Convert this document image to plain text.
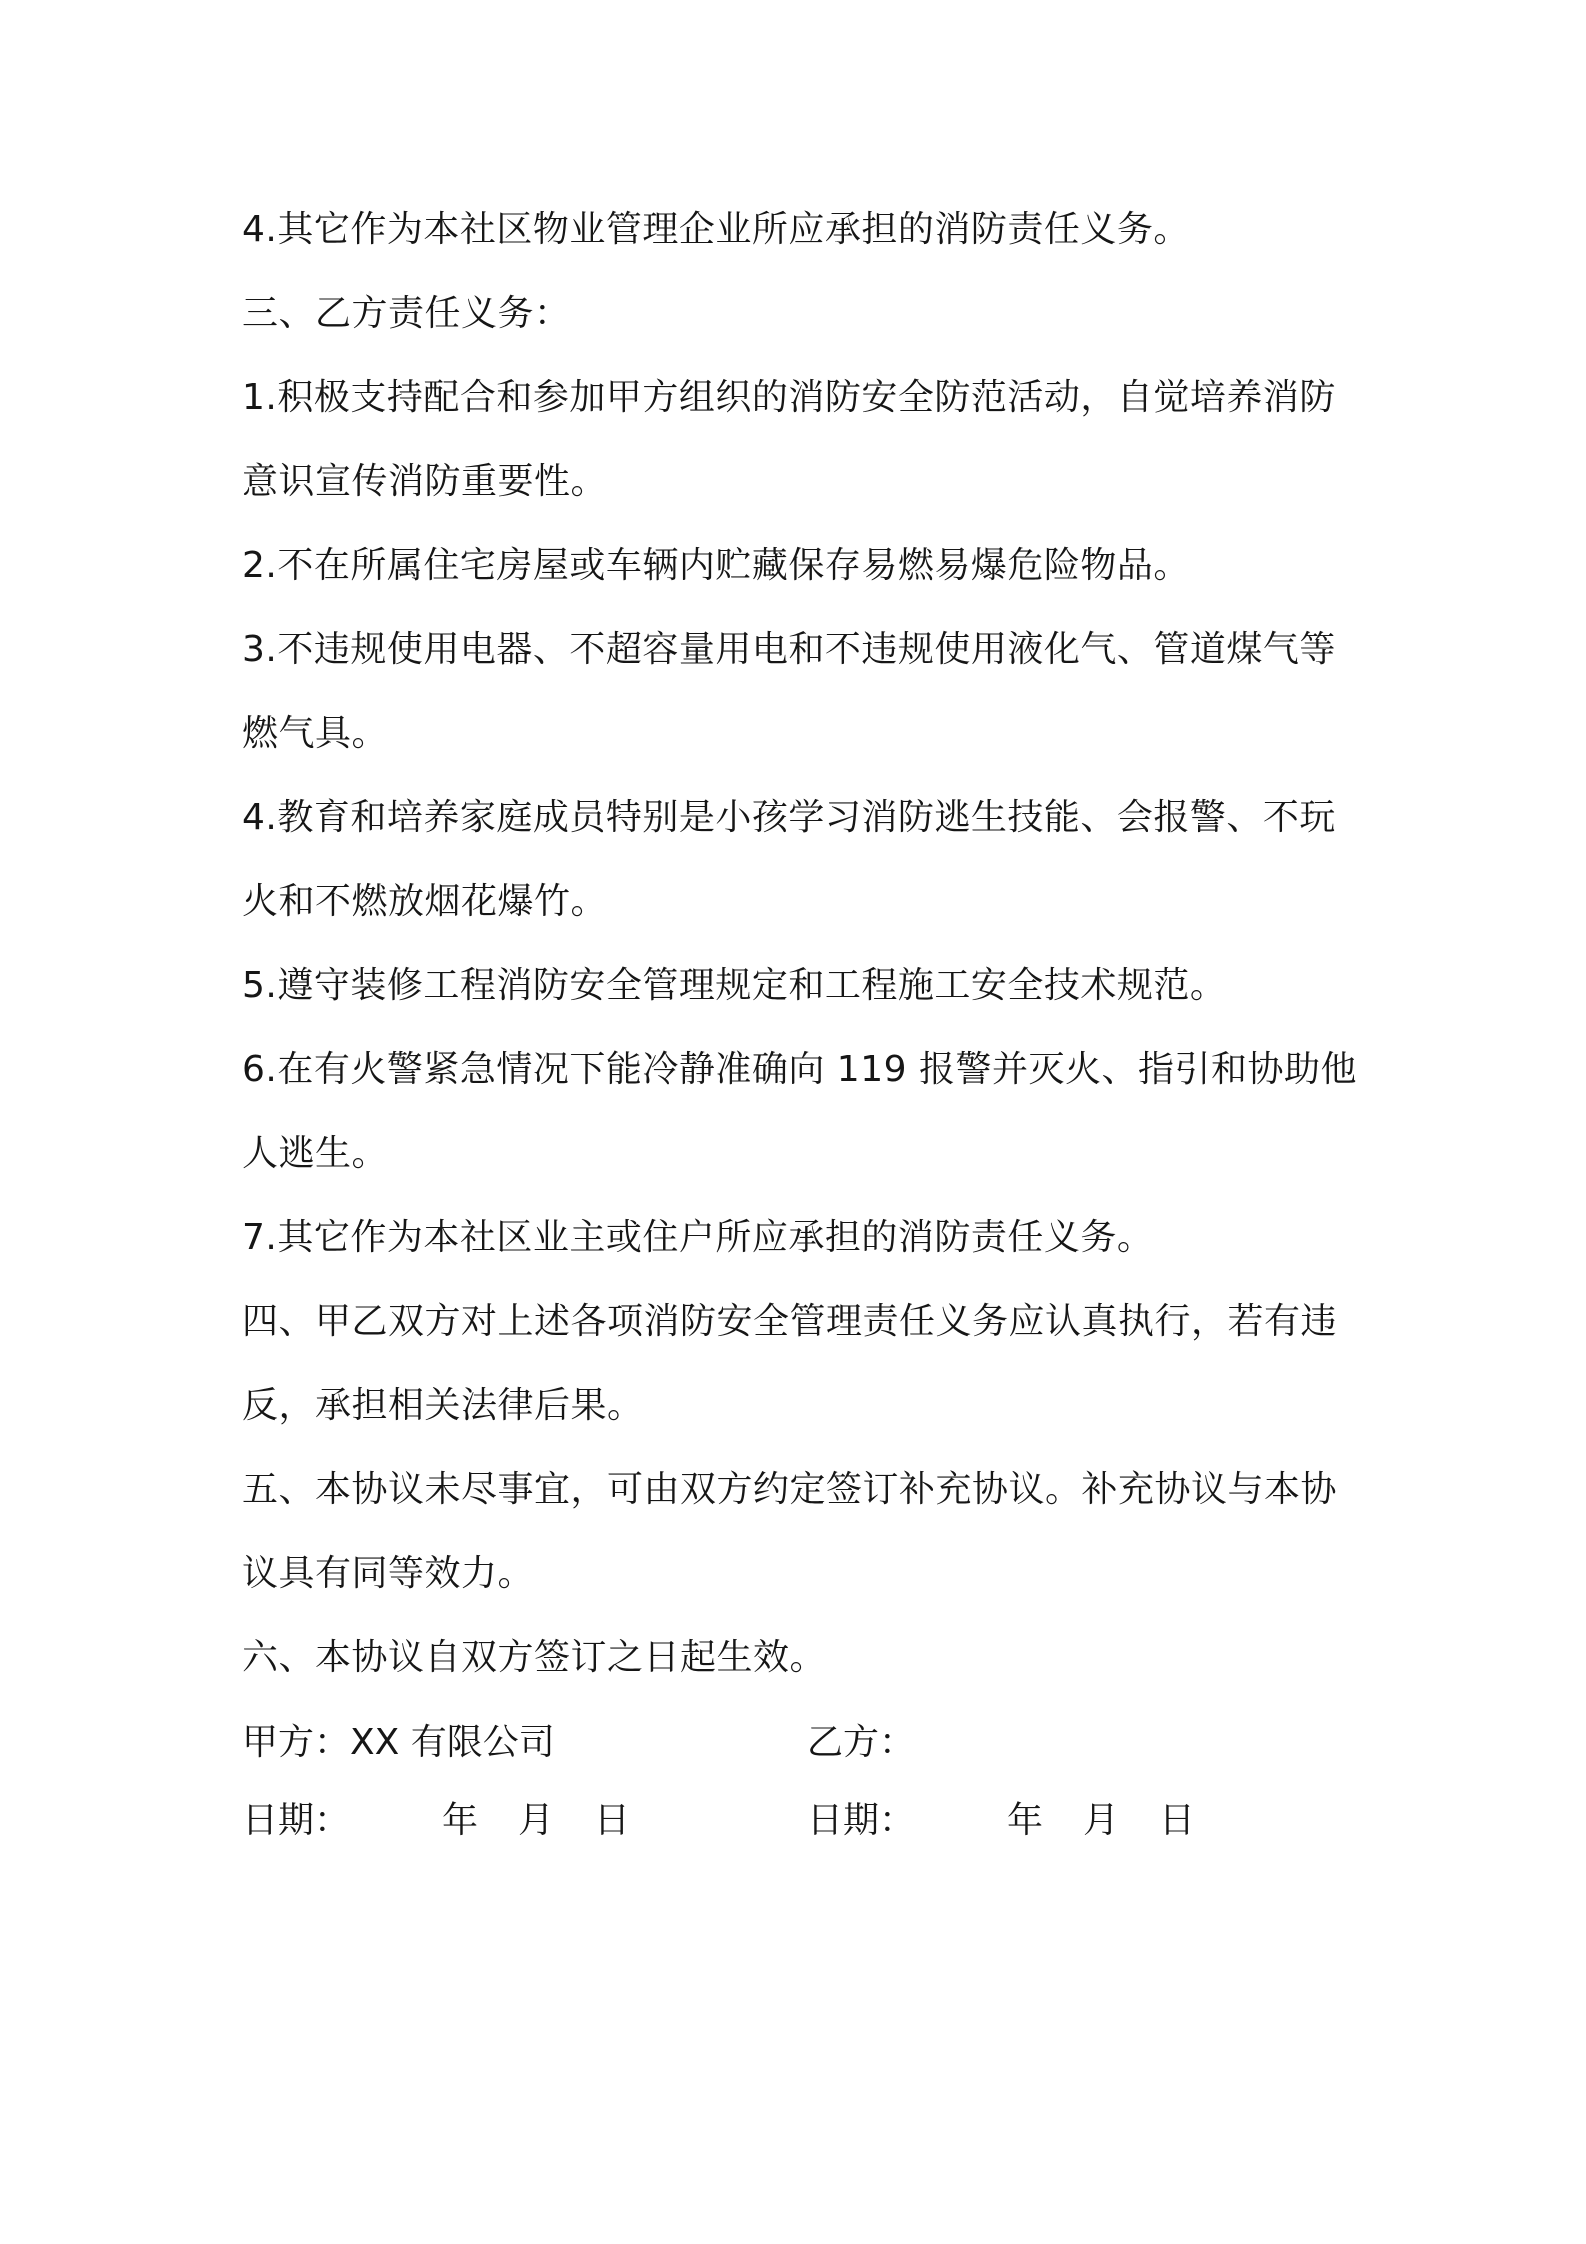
4.其它作为本社区物业管理企业所应承担的消防责任义务。

三、乙方责任义务：

1.积极支持配合和参加甲方组织的消防安全防范活动，自觉培养消防

意识宣传消防重要性。

2.不在所属住宅房屋或车辆内贮藏保存易燃易爆危险物品。

3.不违规使用电器、不超容量用电和不违规使用液化气、管道煤气等

燃气具。

4.教育和培养家庭成员特别是小孩学习消防逃生技能、会报警、不玩

火和不燃放烟花爆竹。

5.遵守装修工程消防安全管理规定和工程施工安全技术规范。

6.在有火警紧急情况下能冷静准确向 119 报警并灭火、指引和协助他

人逃生。

7.其它作为本社区业主或住户所应承担的消防责任义务。

四、甲乙双方对上述各项消防安全管理责任义务应认真执行，若有违

反，承担相关法律后果。

五、本协议未尽事宜，可由双方约定签订补充协议。补充协议与本协

议具有同等效力。

六、本协议自双方签订之日起生效。

甲方：XX 有限公司	乙方：
日期：	年 月 日	日期：	年 月 日
